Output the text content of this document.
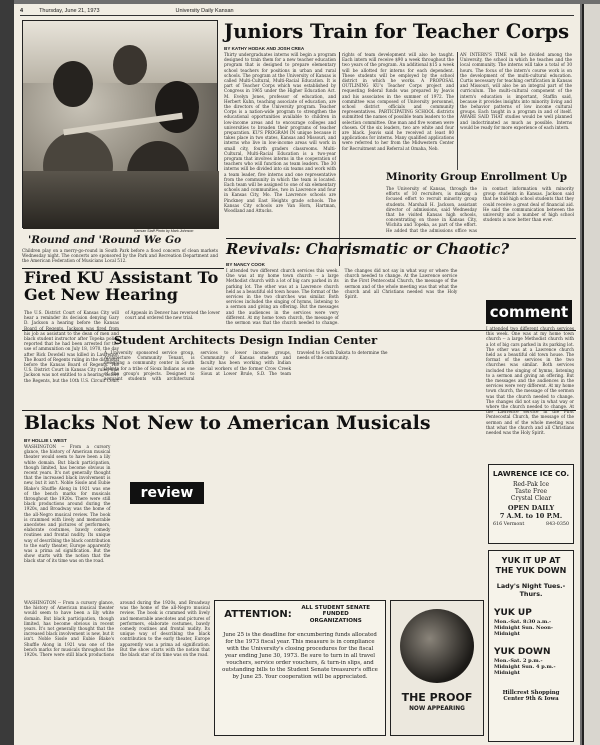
4	Thursday, June 21, 1973	University Daily Kansan
Kansan Staff Photo by Mark Johnson
'Round and 'Round We Go
Children play on a merry-go-round in South Park before a flood concern of clean markets Wednesday night. The concerts are sponsored by the Park and Recreation Department and the American Federation of Musicians Local 512.
Juniors Train for Teacher Corps
BY KATHY HODAK AND JOSH CREA
Thirty undergraduates interns will begin a program designed to train them for a new teacher education program that is designed to prepare elementary school teachers for positions in urban and rural schools. The program at the University of Kansas is called Multi-Cultural, Multi-Racial Education. It is part of Teacher Corps which was established by Congress in 1965 under the Higher Education Act. M. Evelyn Jones, professor of education, and Herbert Kuhn, teaching associate of education, are the directors of the University program. Teacher Corps is a nation-wide program to strengthen the educational opportunities available to children in low-income areas and to encourage colleges and universities to broaden their programs of teacher preparation. KU'S PROGRAM IN unique because it takes place in two states, Kansas and Missouri, and interns who live in low-income areas will work in small city, fourth graders classrooms. Multi-Cultural, Multi-Racial Education is a two-year program that involves interns in the cooperation of teachers who will function as team leaders. The 30 interns will be divided into six teams and work with a team leader, five interns and one representative from the community in which the team is located. Each team will be assigned to one of six elementary schools and communities, two in Lawrence and four in Kansas City, Mo. The Lawrence schools are Pinckney and East Heights grade schools. The Kansas City schools are Van Horn, Hartman, Woodland and Attucks.
rights of team development will also be taught. Each intern will receive $90 a week throughout the two years of the program. An additional $15 a week will be allotted for interns for each dependent. These students will be employed by the school district in which he works. A PROPOSAL OUTLINING KU's Teacher Corps project and requesting federal funds was prepared by Jeavis and his associates in the summer of 1972. The committee was composed of University personnel, school district officials and community representatives. PARTICIPATING SCHOOL districts submitted the names of possible team leaders to the selection committee. One man and five women were chosen. Of the six leaders, two are white and four are black. Jeavis said he received at least 80 applications for interns. Many qualified applications were referred to her from the Midwestern Center for Recruitment and Referral at Omaha, Neb.
AN INTERN'S TIME will be divided among the University, the school in which he teaches and the local community. The interns will take a total of 30 hours. The focus of the intern's course work is on the development of the multi-cultural education. Curtis necessary for teaching certification in Kansas and Missouri, will also be an integral part of the curriculum. The multi-cultural component of the intern's education is important, Staffin said, because it provides insights into minority living and the behavior patterns of low income cultural groups. Each taught in a program in and of itself. AWARE SAID THAT studies would be well planned and indoctrinated as much as possible. Interns would be ready for more experience of each intern.
Minority Group Enrollment Up
The University of Kansas, through the efforts of 10 recruiters, is making a focused effort to recruit minority group students. Marshall H. Jackson, assistant director of admissions, said Wednesday that he visited Kansas high schools, concentrating on those in Kansas City, Wichita and Topeka, as part of the effort. He added that the admissions office was in contact information with minority group students in Kansas. Jackson said that he told high school students that they could receive a great deal of financial aid. He said the communication between the university and a number of high school students is now better than ever.
Fired KU Assistant To Get New Hearing
The U.S. District Court of Kansas City will hear a reminder its decision denying Gary D. Jackson a hearing before the Kansas Board of Regents. Jackson was fired from his job as assistant to the dean of men and black student instructor after Topeka police reported that he had been arrested for the use of ammunition on July 18, 1970, the day after Rick Dowdell was killed in Lawrence. The Board of Regents ruling in the dismissal before the Kansas Board of Regents. The U.S. District Court in Kansas City ruled that Jackson was not entitled to a hearing before the Regents, but the 10th U.S. Circuit Court of Appeals in Denver has reversed the lower court and ordered the new trial.
Revivals: Charismatic or Chaotic?
BY NANCY COOK
I attended two different church services this week. One was at my home town church -- a large Methodist church with a lot of big cars parked in its parking lot. The other was at a Lawrence church held as a beautiful old town house. The format of the services in the two churches was similar. Both services included the singing of hymns, listening to a sermon and giving an offering. But the messages and the audiences in the services were very different. At my home town church, the message of the sermon was that the church needed to change. The changes did not say in what way or where the church needed to change. At the Lawrence service in the First Pentecostal Church, the message of the sermon and of the whole meeting was that what the church and all Christians needed was the Holy Spirit.
comment
Student Architects Design Indian Center
A University sponsored service group, Architecture Community Tenant, is designing a community center in South Dakota for a tribe of Sioux Indians as one of the group's projects. Designed to acquaint students with architectural services to lower income groups, Community of Kansas students and faculty has been working with Indian social workers of the former Crow Creek Sioux at Lower Brule, S.D. The team traveled to South Dakota to determine the needs of the community.
I attended two different church services this week. One was at my home town church -- a large Methodist church with a lot of big cars parked in its parking lot. The other was at a Lawrence church held as a beautiful old town house. The format of the services in the two churches was similar. Both services included the singing of hymns, listening to a sermon and giving an offering. But the messages and the audiences in the services were very different. At my home town church, the message of the sermon was that the church needed to change. The changes did not say in what way or where the church needed to change. At the Lawrence service in the First Pentecostal Church, the message of the sermon and of the whole meeting was that what the church and all Christians needed was the Holy Spirit.
Blacks Not New to American Musicals
BY HOLLIE I. WEST
WASHINGTON -- From a cursory glance, the history of American musical theater would seem to have been a lily white domain. But black participation, though limited, has become obvious in recent years. It's not generally thought that the increased black involvement is new, but it isn't. Noble Sissle and Eubie Blake's Shuffle Along in 1921 was one of the bench marks for musicals throughout the 1920s. There were still black productions around during the 1920s, and Broadway was the home of the all-Negro musical review. The book is crammed with lively and memorable anecdotes and pictures of performers, elaborate costumes, bawdy comedy routines and frontal nudity. Its unique way of describing the black contribution to the early theater, Europe apparently was a prima ad signification. But the show starts with the notion that the black star of its time was on the road.
review
LAWRENCE ICE CO.
Red-Pak Ice
Taste Free
Crystal Clear
OPEN DAILY
7 A.M. to 10 P.M.
616 Vermont	843-0350
YUK IT UP AT THE YUK DOWN
Lady's Night Tues.-Thurs.
YUK UP
Mon.-Sat. 8:30 a.m.-Midnight Sun. Noon-Midnight
YUK DOWN
Mon.-Sat. 2 p.m.-Midnight Sun. 4 p.m.-Midnight
Hillcrest Shopping Center 9th & Iowa
ATTENTION:
ALL STUDENT SENATE FUNDED ORGANIZATIONS
June 25 is the deadline for encumbering funds allocated for the 1973 fiscal year. This measure is in compliance with the University's closing procedures for the fiscal year ending June 30, 1973. Be sure to turn in all travel vouchers, service order vouchers, & turn-in slips, and outstanding bills to the Student Senate treasurer's office by June 25. Your cooperation will be appreciated.
THE PROOF
NOW APPEARING
WASHINGTON -- From a cursory glance, the history of American musical theater would seem to have been a lily white domain. But black participation, though limited, has become obvious in recent years. It's not generally thought that the increased black involvement is new, but it isn't. Noble Sissle and Eubie Blake's Shuffle Along in 1921 was one of the bench marks for musicals throughout the 1920s. There were still black productions around during the 1920s, and Broadway was the home of the all-Negro musical review. The book is crammed with lively and memorable anecdotes and pictures of performers, elaborate costumes, bawdy comedy routines and frontal nudity. Its unique way of describing the black contribution to the early theater, Europe apparently was a prima ad signification. But the show starts with the notion that the black star of its time was on the road.
